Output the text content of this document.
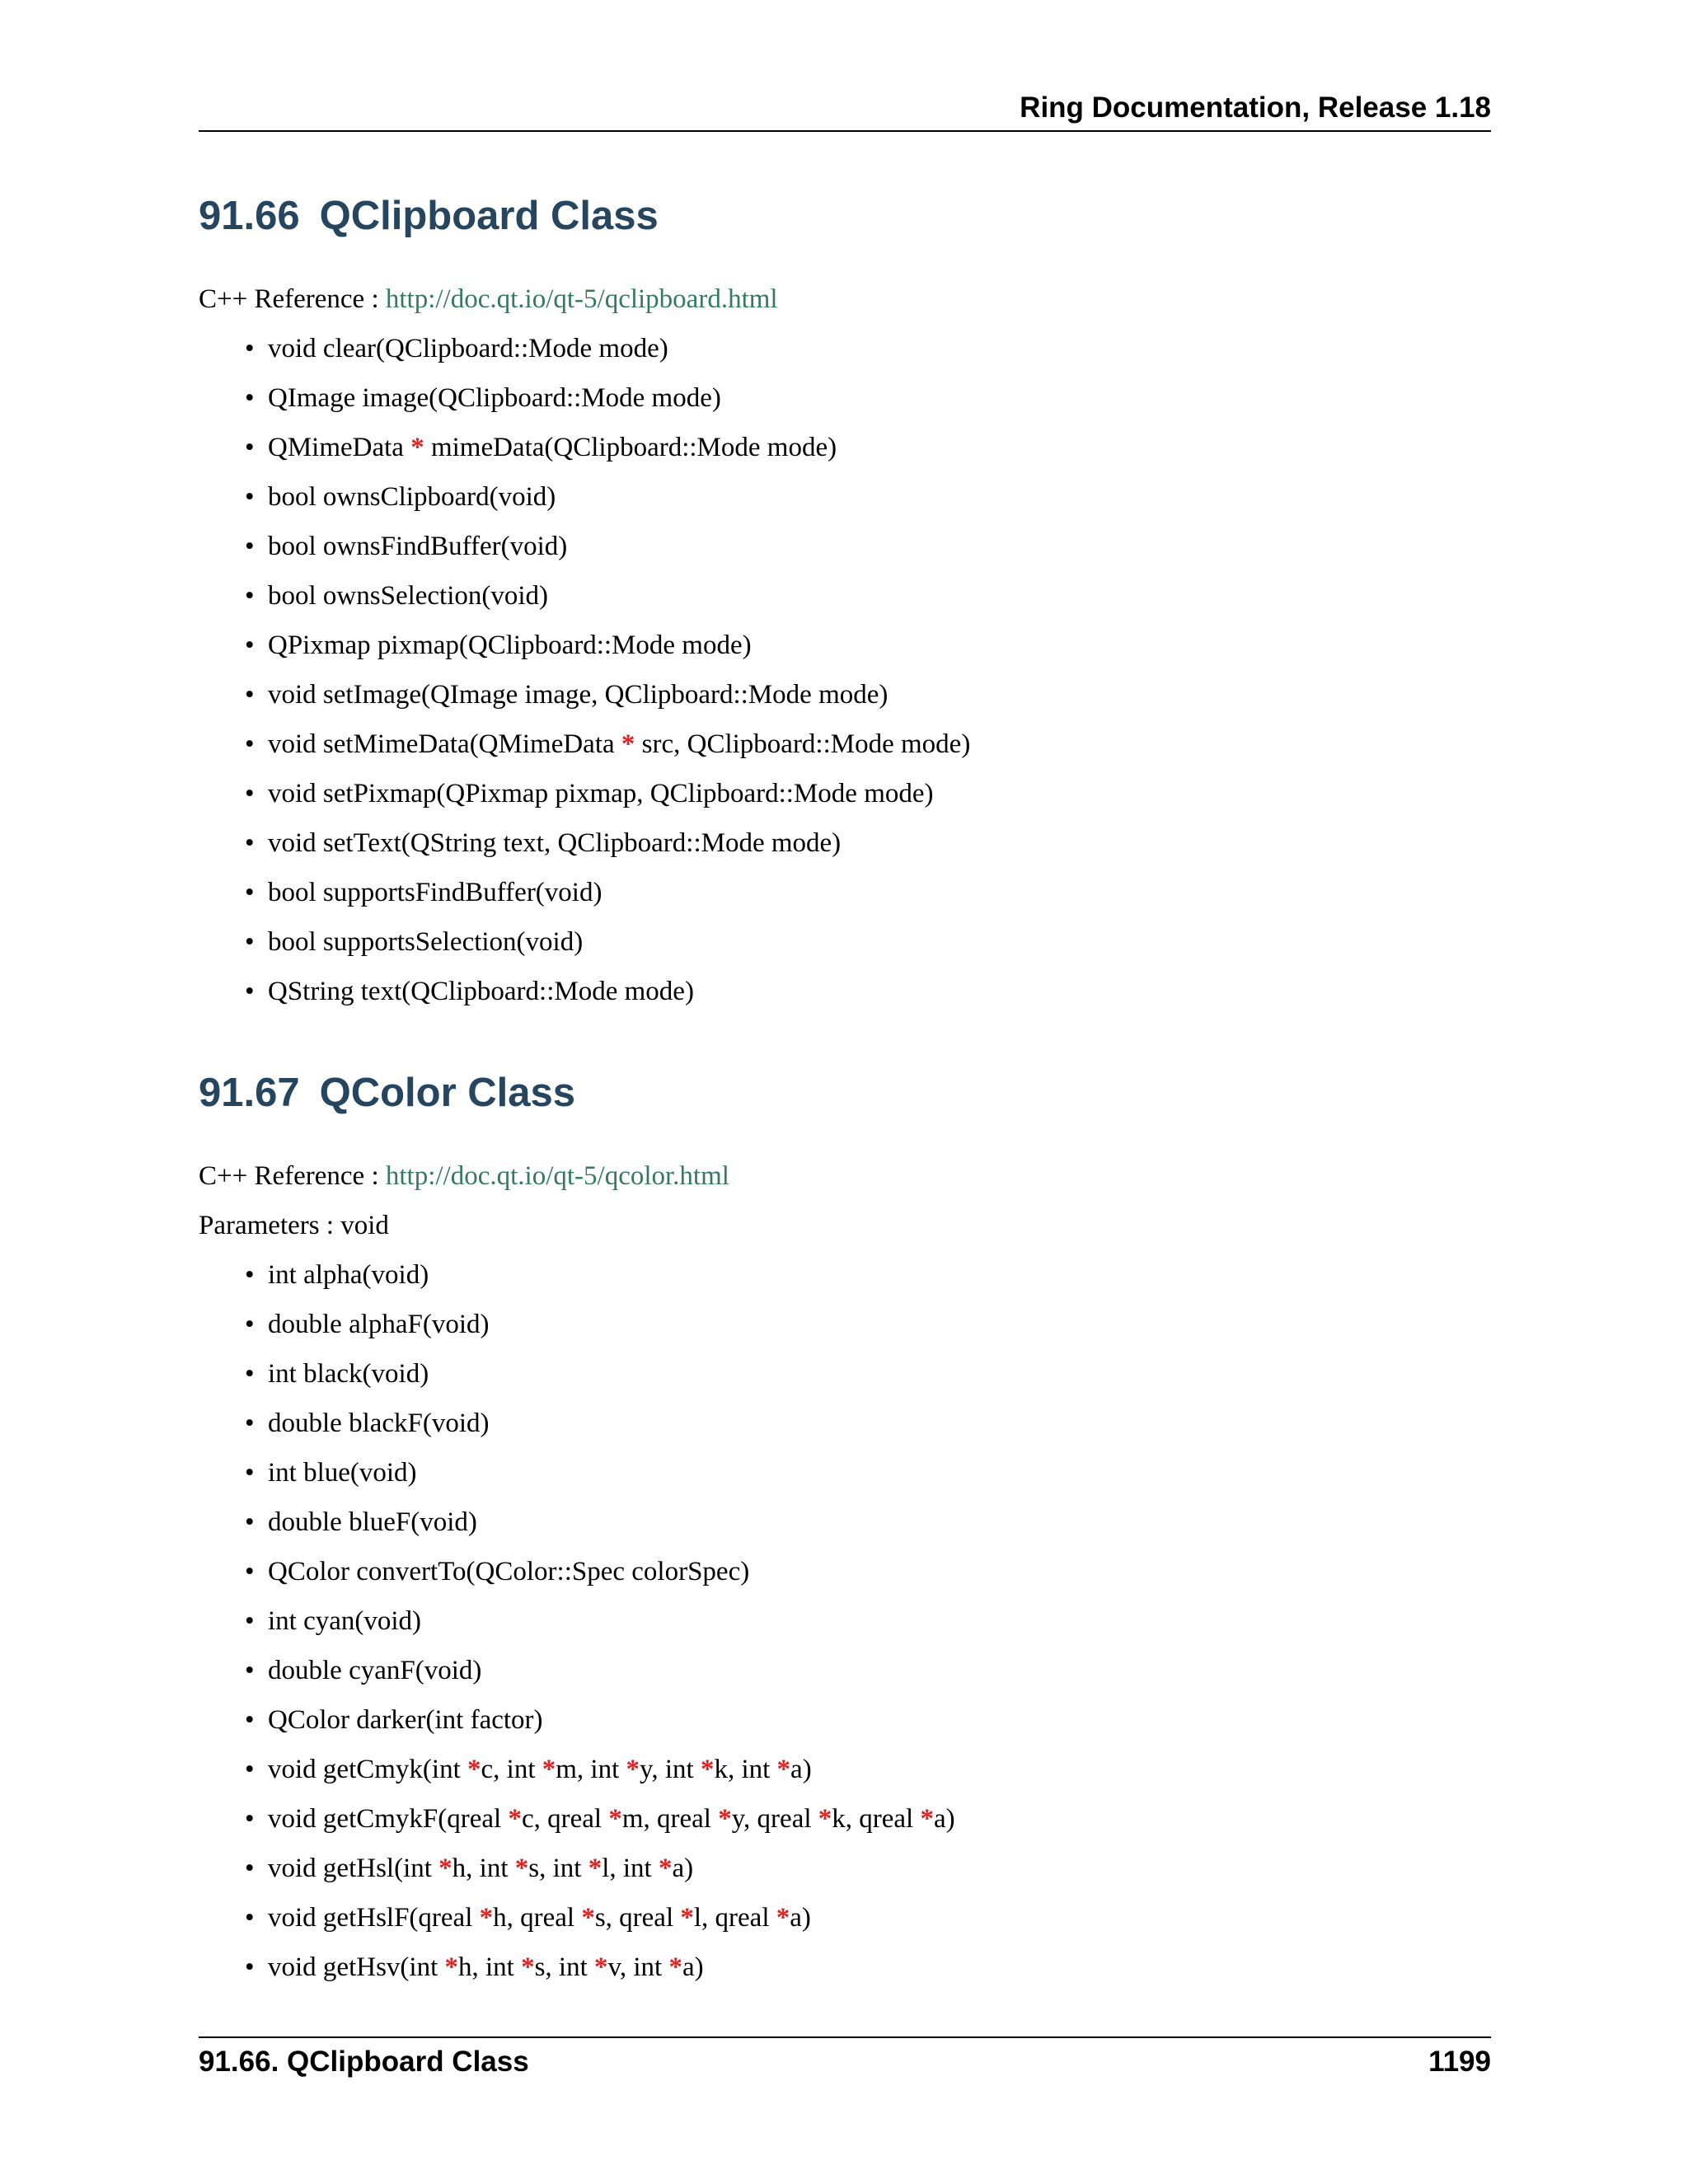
Ring Documentation, Release 1.18
91.66 QClipboard Class

C++ Reference : http://doc.qt.io/qt-5/qclipboard.html

• void clear(QClipboard::Mode mode)
• QImage image(QClipboard::Mode mode)
• QMimeData * mimeData(QClipboard::Mode mode)
• bool ownsClipboard(void)
• bool ownsFindBuffer(void)
• bool ownsSelection(void)
• QPixmap pixmap(QClipboard::Mode mode)
• void setImage(QImage image, QClipboard::Mode mode)
• void setMimeData(QMimeData * src, QClipboard::Mode mode)
• void setPixmap(QPixmap pixmap, QClipboard::Mode mode)
• void setText(QString text, QClipboard::Mode mode)
• bool supportsFindBuffer(void)
• bool supportsSelection(void)
• QString text(QClipboard::Mode mode)
91.67 QColor Class

C++ Reference : http://doc.qt.io/qt-5/qcolor.html

Parameters : void

• int alpha(void)
• double alphaF(void)
• int black(void)
• double blackF(void)
• int blue(void)
• double blueF(void)
• QColor convertTo(QColor::Spec colorSpec)
• int cyan(void)
• double cyanF(void)
• QColor darker(int factor)
• void getCmyk(int *c, int *m, int *y, int *k, int *a)
• void getCmykF(qreal *c, qreal *m, qreal *y, qreal *k, qreal *a)
• void getHsl(int *h, int *s, int *l, int *a)
• void getHslF(qreal *h, qreal *s, qreal *l, qreal *a)
• void getHsv(int *h, int *s, int *v, int *a)
91.66. QClipboard Class	1199
